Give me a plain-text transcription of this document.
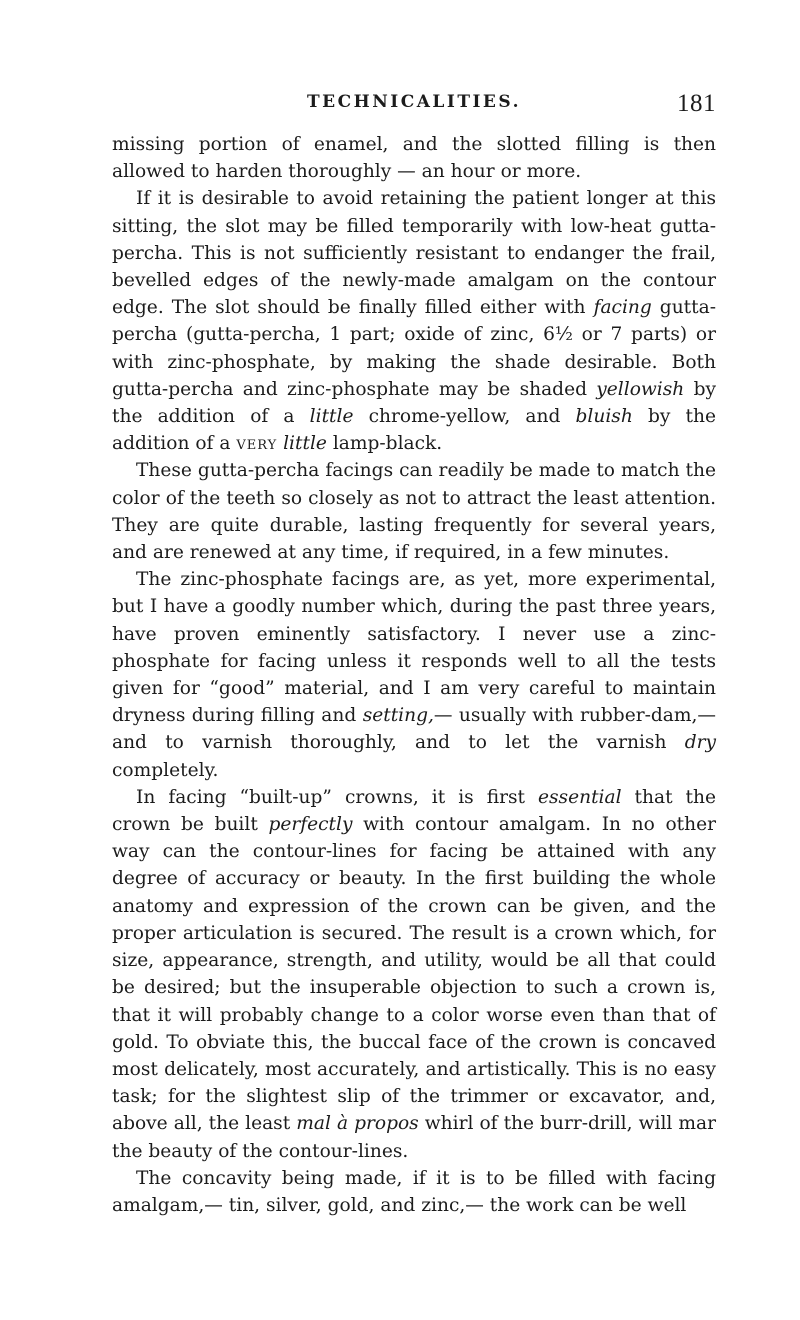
TECHNICALITIES.	181

missing portion of enamel, and the slotted filling is then allowed to harden thoroughly — an hour or more.

If it is desirable to avoid retaining the patient longer at this sitting, the slot may be filled temporarily with low-heat gutta-percha. This is not sufficiently resistant to endanger the frail, bevelled edges of the newly-made amalgam on the contour edge. The slot should be finally filled either with facing gutta-percha (gutta-percha, 1 part; oxide of zinc, 6½ or 7 parts) or with zinc-phosphate, by making the shade desirable. Both gutta-percha and zinc-phosphate may be shaded yellowish by the addition of a little chrome-yellow, and bluish by the addition of a very little lamp-black.

These gutta-percha facings can readily be made to match the color of the teeth so closely as not to attract the least attention. They are quite durable, lasting frequently for several years, and are renewed at any time, if required, in a few minutes.

The zinc-phosphate facings are, as yet, more experimental, but I have a goodly number which, during the past three years, have proven eminently satisfactory. I never use a zinc-phosphate for facing unless it responds well to all the tests given for “good” material, and I am very careful to maintain dryness during filling and setting,— usually with rubber-dam,— and to varnish thoroughly, and to let the varnish dry completely.

In facing “built-up” crowns, it is first essential that the crown be built perfectly with contour amalgam. In no other way can the contour-lines for facing be attained with any degree of accuracy or beauty. In the first building the whole anatomy and expression of the crown can be given, and the proper articulation is secured. The result is a crown which, for size, appearance, strength, and utility, would be all that could be desired; but the insuperable objection to such a crown is, that it will probably change to a color worse even than that of gold. To obviate this, the buccal face of the crown is concaved most delicately, most accurately, and artistically. This is no easy task; for the slightest slip of the trimmer or excavator, and, above all, the least mal à propos whirl of the burr-drill, will mar the beauty of the contour-lines.

The concavity being made, if it is to be filled with facing amalgam,— tin, silver, gold, and zinc,— the work can be well
